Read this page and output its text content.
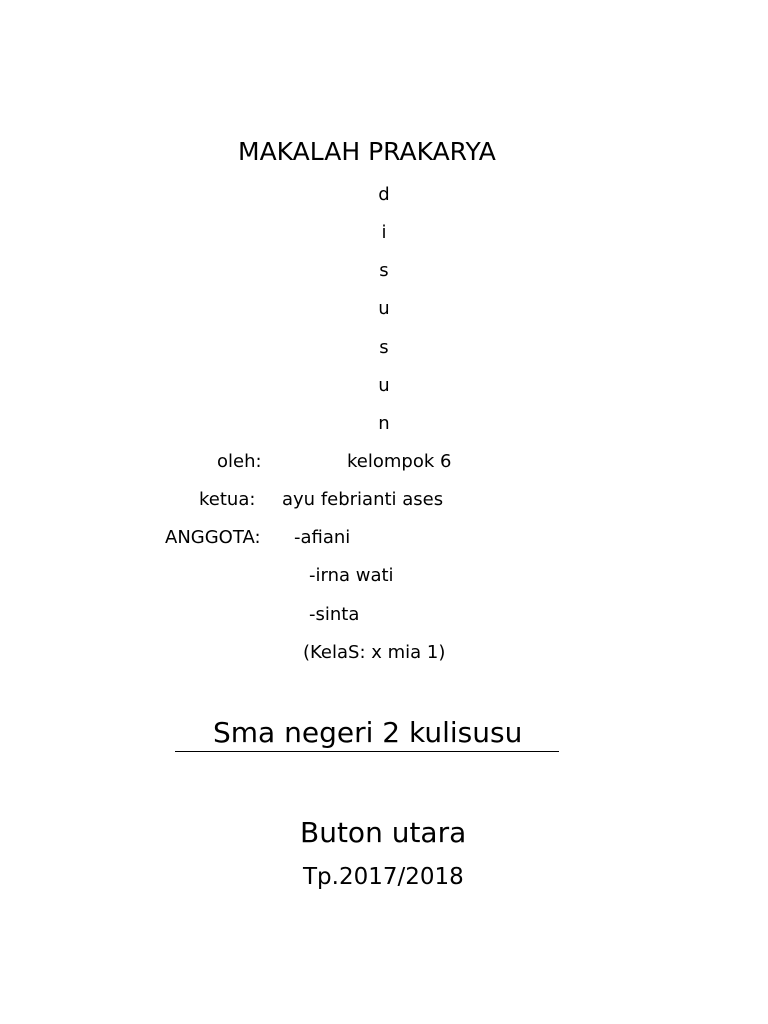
MAKALAH PRAKARYA
d
i
s
u
s
u
n
oleh:	kelompok 6
ketua: ayu febrianti ases
ANGGOTA: -afiani
-irna wati
-sinta
(KelaS: x mia 1)
Sma negeri 2 kulisusu
Buton utara
Tp.2017/2018
